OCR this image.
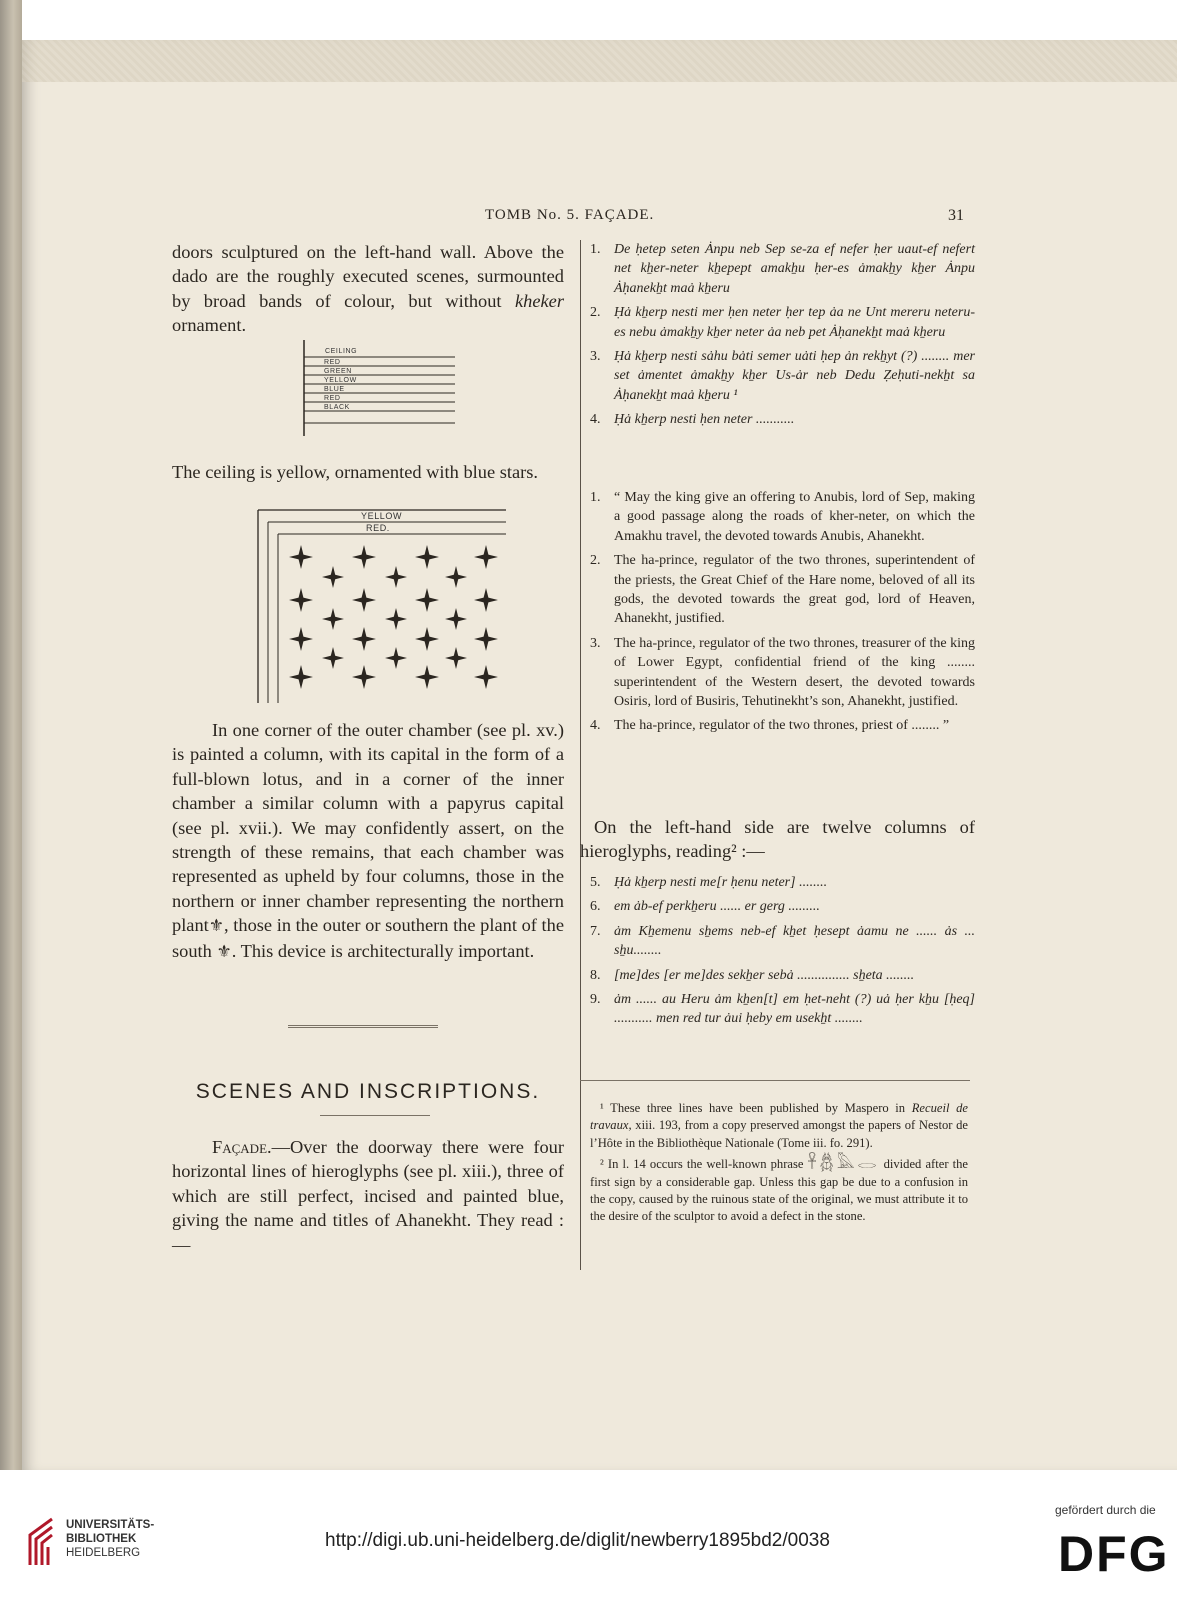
TOMB No. 5. FAÇADE.	31

doors sculptured on the left-hand wall. Above the dado are the roughly executed scenes, surmounted by broad bands of colour, but without kheker ornament.

CEILING
RED
GREEN
YELLOW
BLUE
RED
BLACK

The ceiling is yellow, ornamented with blue stars.

YELLOW
RED.

In one corner of the outer chamber (see pl. xv.) is painted a column, with its capital in the form of a full-blown lotus, and in a corner of the inner chamber a similar column with a papyrus capital (see pl. xvii.). We may confidently assert, on the strength of these remains, that each chamber was represented as upheld by four columns, those in the northern or inner chamber representing the northern plant⚜, those in the outer or southern the plant of the south ⚜. This device is architecturally important.

SCENES AND INSCRIPTIONS.

Façade.—Over the doorway there were four horizontal lines of hieroglyphs (see pl. xiii.), three of which are still perfect, incised and painted blue, giving the name and titles of Ahanekht. They read :—

1. De ḥetep seten Ȧnpu neb Sep se-za ef nefer ḥer uaut-ef nefert net kẖer-neter kẖepept amakẖu ḥer-es ȧmakẖy kẖer Ȧnpu Ȧḥanekẖt maȧ kẖeru

2. Ḥȧ kẖerp nesti mer ḥen neter ḥer tep ȧa ne Unt mereru neteru-es nebu ȧmakẖy kẖer neter ȧa neb pet Ȧḥanekẖt maȧ kẖeru

3. Ḥȧ kẖerp nesti sȧhu bȧti semer uȧti ḥep ȧn rekẖyt (?) ........ mer set ȧmentet ȧmakẖy kẖer Us-ȧr neb Dedu Ẓeḥuti-nekẖt sa Ȧḥanekẖt maȧ kẖeru ¹

4. Ḥȧ kẖerp nesti ḥen neter ...........

1. “ May the king give an offering to Anubis, lord of Sep, making a good passage along the roads of kher-neter, on which the Amakhu travel, the devoted towards Anubis, Ahanekht.

2. The ha-prince, regulator of the two thrones, superintendent of the priests, the Great Chief of the Hare nome, beloved of all its gods, the devoted towards the great god, lord of Heaven, Ahanekht, justified.

3. The ha-prince, regulator of the two thrones, treasurer of the king of Lower Egypt, confidential friend of the king ........ superintendent of the Western desert, the devoted towards Osiris, lord of Busiris, Tehutinekht’s son, Ahanekht, justified.

4. The ha-prince, regulator of the two thrones, priest of ........ ”

On the left-hand side are twelve columns of hieroglyphs, reading² :—

5. Ḥȧ kẖerp nesti me[r ḥenu neter] ........

6. em ȧb-ef perkẖeru ...... er gerg .........

7. ȧm Kẖemenu sẖems neb-ef kẖet ḥesept ȧamu ne ...... ȧs ... sẖu........

8. [me]des [er me]des sekẖer sebȧ ............... sẖeta ........

9. ȧm ...... au Heru ȧm kẖen[t] em ḥet-neht (?) uȧ ḥer kẖu [ḥeq] ........... men red tur ȧui ḥeby em usekẖt ........

¹ These three lines have been published by Maspero in Recueil de travaux, xiii. 193, from a copy preserved amongst the papers of Nestor de l’Hôte in the Bibliothèque Nationale (Tome iii. fo. 291).

² In l. 14 occurs the well-known phrase 𓋹𓆣𓅓𓂋 divided after the first sign by a considerable gap. Unless this gap be due to a confusion in the copy, caused by the ruinous state of the original, we must attribute it to the desire of the sculptor to avoid a defect in the stone.

UNIVERSITÄTS-
BIBLIOTHEK
HEIDELBERG
http://digi.ub.uni-heidelberg.de/diglit/newberry1895bd2/0038
gefördert durch die
DFG
